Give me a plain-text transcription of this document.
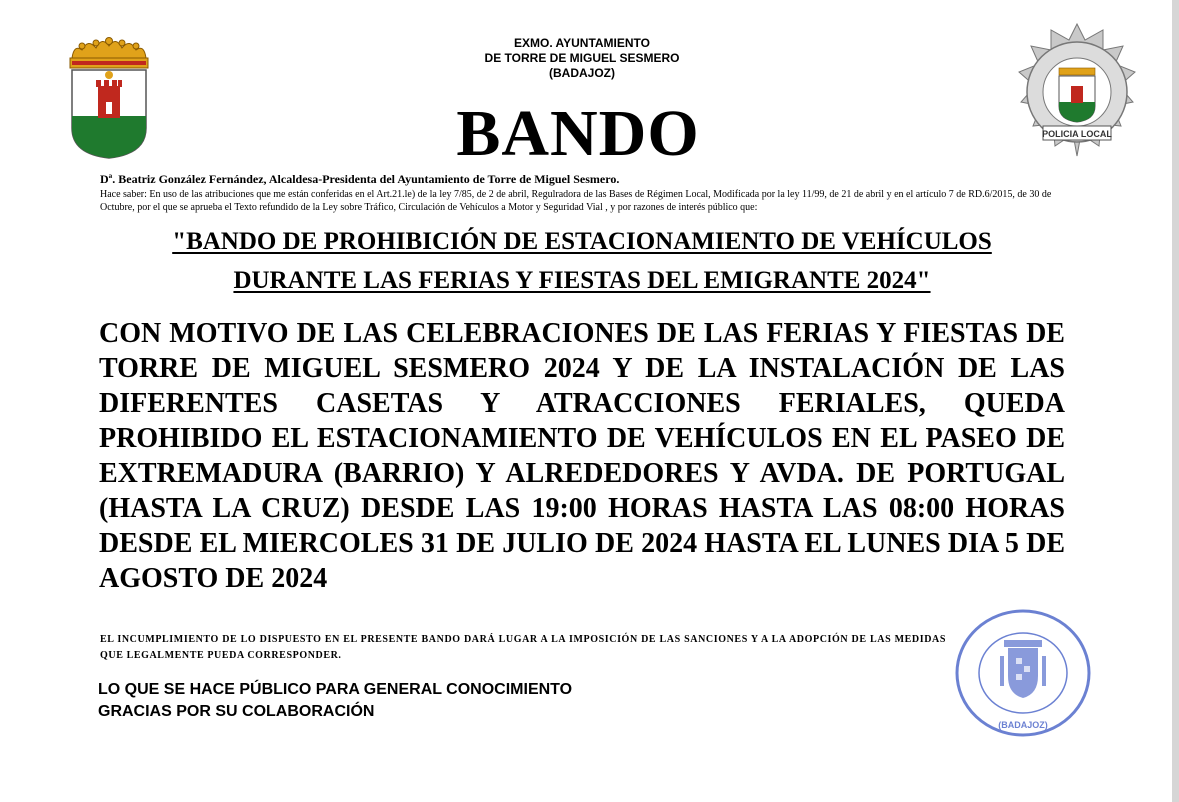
EXMO. AYUNTAMIENTO
DE TORRE DE MIGUEL SESMERO
(BADAJOZ)
BANDO	POLICIA LOCAL
Dª. Beatriz González Fernández, Alcaldesa-Presidenta del Ayuntamiento de Torre de Miguel Sesmero.
Hace saber: En uso de las atribuciones que me están conferidas en el Art.21.le) de la ley 7/85, de 2 de abril, Regulradora de las Bases de Régimen Local, Modificada por la ley 11/99, de 21 de abril y en el artículo 7 de RD.6/2015, de 30 de Octubre, por el que se aprueba el Texto refundido de la Ley sobre Tráfico, Circulación de Vehículos a Motor y Seguridad Vial , y por razones de interés público que:
"BANDO DE PROHIBICIÓN DE ESTACIONAMIENTO DE VEHÍCULOS
DURANTE LAS FERIAS Y FIESTAS DEL EMIGRANTE 2024"
CON MOTIVO DE LAS CELEBRACIONES DE LAS FERIAS Y FIESTAS DE TORRE DE MIGUEL SESMERO 2024 Y DE LA INSTALACIÓN DE LAS DIFERENTES CASETAS Y ATRACCIONES FERIALES, QUEDA PROHIBIDO EL ESTACIONAMIENTO DE VEHÍCULOS EN EL PASEO DE EXTREMADURA (BARRIO) Y ALREDEDORES Y AVDA. DE PORTUGAL (HASTA LA CRUZ) DESDE LAS 19:00 HORAS HASTA LAS 08:00 HORAS DESDE EL MIERCOLES 31 DE JULIO DE 2024 HASTA EL LUNES DIA 5 DE AGOSTO DE 2024
EL INCUMPLIMIENTO DE LO DISPUESTO EN EL PRESENTE BANDO DARÁ LUGAR A LA IMPOSICIÓN DE LAS SANCIONES Y A LA ADOPCIÓN DE LAS MEDIDAS QUE LEGALMENTE PUEDA CORRESPONDER.
LO QUE SE HACE PÚBLICO PARA GENERAL CONOCIMIENTO
GRACIAS POR SU COLABORACIÓN
(BADAJOZ)
